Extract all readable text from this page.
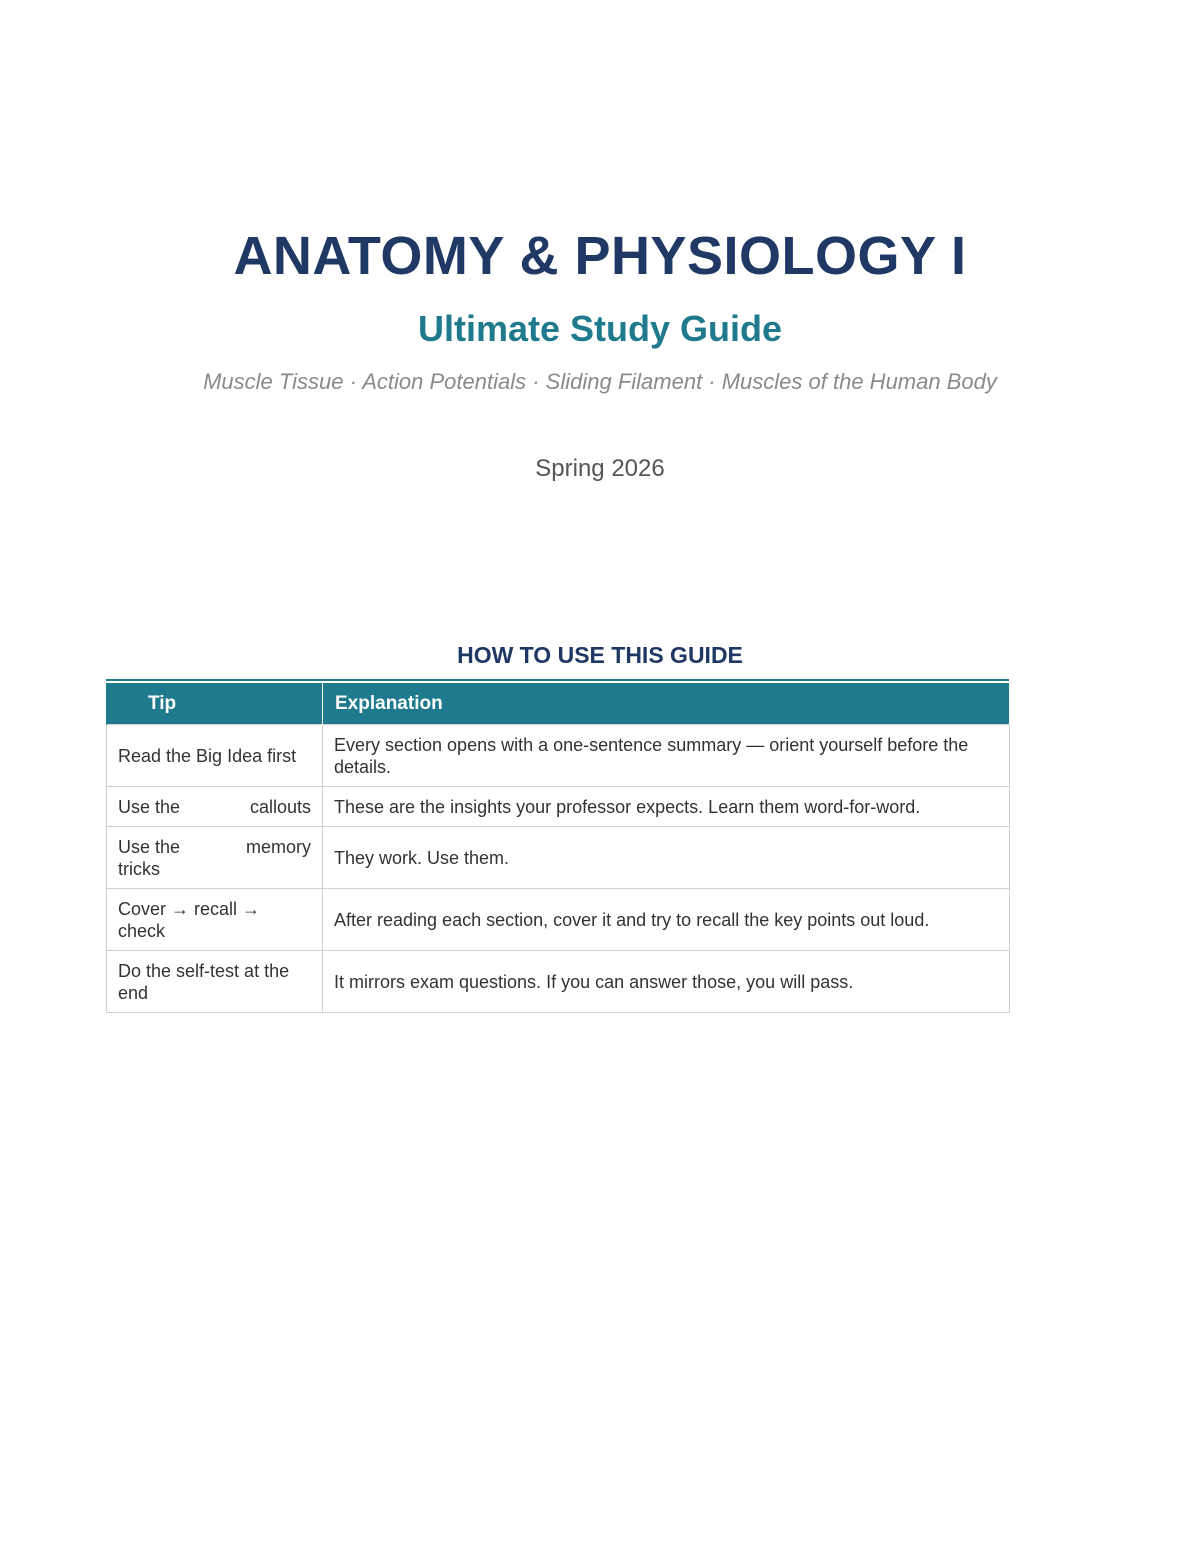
ANATOMY & PHYSIOLOGY I
Ultimate Study Guide

Muscle Tissue · Action Potentials · Sliding Filament · Muscles of the Human Body

Spring 2026

HOW TO USE THIS GUIDE
Tip	Explanation
Read the Big Idea first	Every section opens with a one-sentence summary — orient yourself before the details.

Use the callouts	These are the insights your professor expects. Learn them word-for-word.

Use the memory
tricks	They work. Use them.
Cover → recall → check	After reading each section, cover it and try to recall the key points out loud.
Do the self-test at the end	It mirrors exam questions. If you can answer those, you will pass.
